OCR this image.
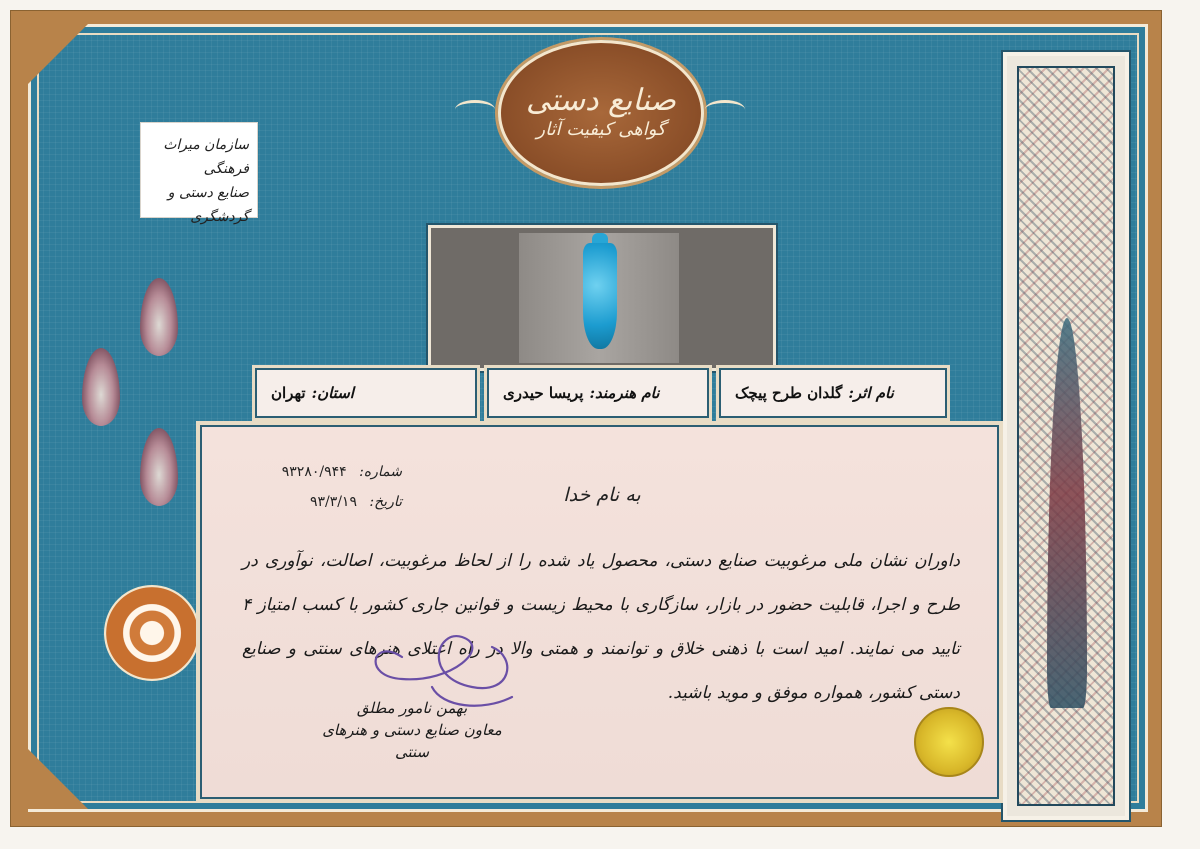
صنایع دستی
گواهی کیفیت آثار
سازمان میراث فرهنگی
صنایع دستی و گردشگری
استان:
تهران	نام هنرمند:
پریسا حیدری	نام اثر:
گلدان طرح پیچک
شماره: ۹۳۲۸۰/۹۴۴
تاریخ: ۹۳/۳/۱۹	به نام خدا
داوران نشان ملی مرغوبیت صنایع دستی، محصول یاد شده را از لحاظ مرغوبیت، اصالت، نوآوری در طرح و اجرا، قابلیت حضور در بازار، سازگاری با محیط زیست و قوانین جاری کشور با کسب امتیاز ۴ تایید می نمایند. امید است با ذهنی خلاق و توانمند و همتی والا در راه اعتلای هنرهای سنتی و صنایع دستی کشور، همواره موفق و موید باشید.
بهمن نامور مطلق
معاون صنایع دستی و هنرهای سنتی
